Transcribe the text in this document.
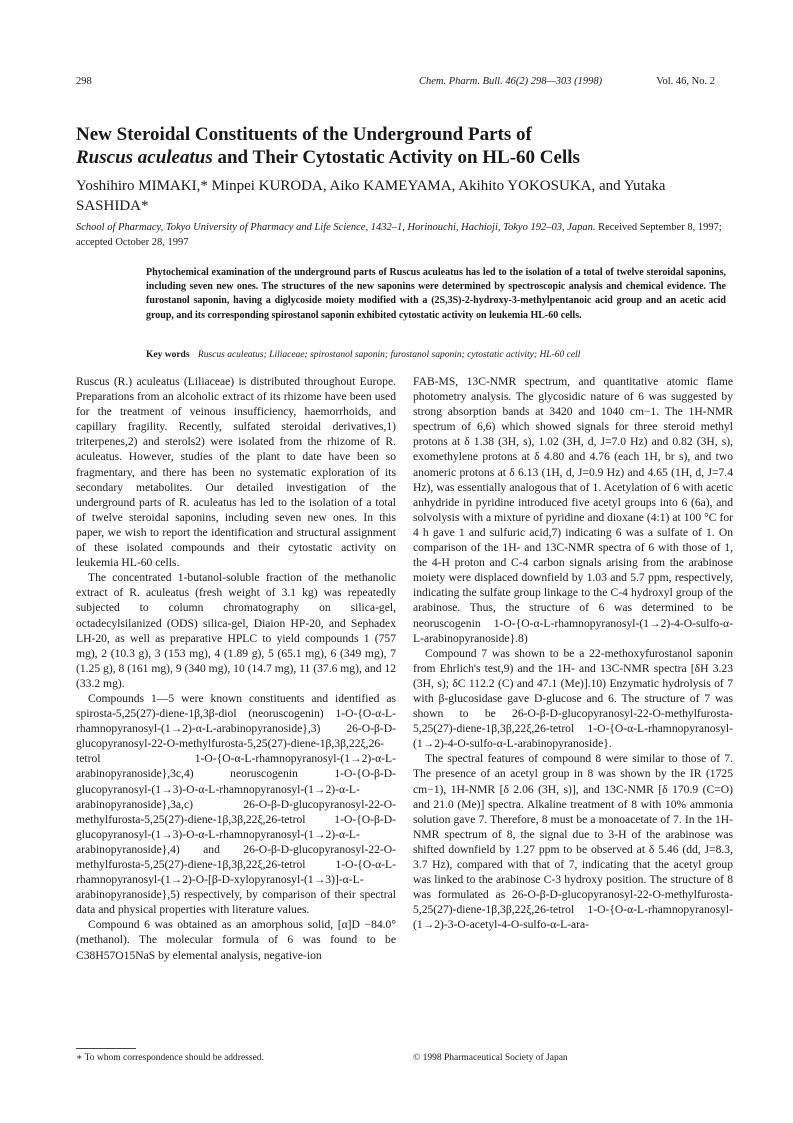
298	Chem. Pharm. Bull. 46(2) 298—303 (1998)	Vol. 46, No. 2
New Steroidal Constituents of the Underground Parts of
Ruscus aculeatus and Their Cytostatic Activity on HL-60 Cells

Yoshihiro MIMAKI,* Minpei KURODA, Aiko KAMEYAMA, Akihito YOKOSUKA, and Yutaka SASHIDA*

School of Pharmacy, Tokyo University of Pharmacy and Life Science, 1432–1, Horinouchi, Hachioji, Tokyo 192–03, Japan. Received September 8, 1997; accepted October 28, 1997

Phytochemical examination of the underground parts of Ruscus aculeatus has led to the isolation of a total of twelve steroidal saponins, including seven new ones. The structures of the new saponins were determined by spectroscopic analysis and chemical evidence. The furostanol saponin, having a diglycoside moiety modified with a (2S,3S)-2-hydroxy-3-methylpentanoic acid group and an acetic acid group, and its corresponding spirostanol saponin exhibited cytostatic activity on leukemia HL-60 cells.

Key words Ruscus aculeatus; Liliaceae; spirostanol saponin; furostanol saponin; cytostatic activity; HL-60 cell

Ruscus (R.) aculeatus (Liliaceae) is distributed throughout Europe. Preparations from an alcoholic extract of its rhizome have been used for the treatment of veinous insufficiency, haemorrhoids, and capillary fragility. Recently, sulfated steroidal derivatives,1) triterpenes,2) and sterols2) were isolated from the rhizome of R. aculeatus. However, studies of the plant to date have been so fragmentary, and there has been no systematic exploration of its secondary metabolites. Our detailed investigation of the underground parts of R. aculeatus has led to the isolation of a total of twelve steroidal saponins, including seven new ones. In this paper, we wish to report the identification and structural assignment of these isolated compounds and their cytostatic activity on leukemia HL-60 cells.

The concentrated 1-butanol-soluble fraction of the methanolic extract of R. aculeatus (fresh weight of 3.1 kg) was repeatedly subjected to column chromatography on silica-gel, octadecylsilanized (ODS) silica-gel, Diaion HP-20, and Sephadex LH-20, as well as preparative HPLC to yield compounds 1 (757 mg), 2 (10.3 g), 3 (153 mg), 4 (1.89 g), 5 (65.1 mg), 6 (349 mg), 7 (1.25 g), 8 (161 mg), 9 (340 mg), 10 (14.7 mg), 11 (37.6 mg), and 12 (33.2 mg).

Compounds 1—5 were known constituents and identified as spirosta-5,25(27)-diene-1β,3β-diol (neoruscogenin) 1-O-{O-α-L-rhamnopyranosyl-(1→2)-α-L-arabinopyranoside},3) 26-O-β-D-glucopyranosyl-22-O-methylfurosta-5,25(27)-diene-1β,3β,22ξ,26-tetrol 1-O-{O-α-L-rhamnopyranosyl-(1→2)-α-L-arabinopyranoside},3c,4) neoruscogenin 1-O-{O-β-D-glucopyranosyl-(1→3)-O-α-L-rhamnopyranosyl-(1→2)-α-L-arabinopyranoside},3a,c) 26-O-β-D-glucopyranosyl-22-O-methylfurosta-5,25(27)-diene-1β,3β,22ξ,26-tetrol 1-O-{O-β-D-glucopyranosyl-(1→3)-O-α-L-rhamnopyranosyl-(1→2)-α-L-arabinopyranoside},4) and 26-O-β-D-glucopyranosyl-22-O-methylfurosta-5,25(27)-diene-1β,3β,22ξ,26-tetrol 1-O-{O-α-L-rhamnopyranosyl-(1→2)-O-[β-D-xylopyranosyl-(1→3)]-α-L-arabinopyranoside},5) respectively, by comparison of their spectral data and physical properties with literature values.

Compound 6 was obtained as an amorphous solid, [α]D −84.0° (methanol). The molecular formula of 6 was found to be C38H57O15NaS by elemental analysis, negative-ion

FAB-MS, 13C-NMR spectrum, and quantitative atomic flame photometry analysis. The glycosidic nature of 6 was suggested by strong absorption bands at 3420 and 1040 cm−1. The 1H-NMR spectrum of 6,6) which showed signals for three steroid methyl protons at δ 1.38 (3H, s), 1.02 (3H, d, J=7.0 Hz) and 0.82 (3H, s), exomethylene protons at δ 4.80 and 4.76 (each 1H, br s), and two anomeric protons at δ 6.13 (1H, d, J=0.9 Hz) and 4.65 (1H, d, J=7.4 Hz), was essentially analogous that of 1. Acetylation of 6 with acetic anhydride in pyridine introduced five acetyl groups into 6 (6a), and solvolysis with a mixture of pyridine and dioxane (4:1) at 100 °C for 4 h gave 1 and sulfuric acid,7) indicating 6 was a sulfate of 1. On comparison of the 1H- and 13C-NMR spectra of 6 with those of 1, the 4-H proton and C-4 carbon signals arising from the arabinose moiety were displaced downfield by 1.03 and 5.7 ppm, respectively, indicating the sulfate group linkage to the C-4 hydroxyl group of the arabinose. Thus, the structure of 6 was determined to be neoruscogenin 1-O-{O-α-L-rhamnopyranosyl-(1→2)-4-O-sulfo-α-L-arabinopyranoside}.8)

Compound 7 was shown to be a 22-methoxyfurostanol saponin from Ehrlich's test,9) and the 1H- and 13C-NMR spectra [δH 3.23 (3H, s); δC 112.2 (C) and 47.1 (Me)].10) Enzymatic hydrolysis of 7 with β-glucosidase gave D-glucose and 6. The structure of 7 was shown to be 26-O-β-D-glucopyranosyl-22-O-methylfurosta-5,25(27)-diene-1β,3β,22ξ,26-tetrol 1-O-{O-α-L-rhamnopyranosyl-(1→2)-4-O-sulfo-α-L-arabinopyranoside}.

The spectral features of compound 8 were similar to those of 7. The presence of an acetyl group in 8 was shown by the IR (1725 cm−1), 1H-NMR [δ 2.06 (3H, s)], and 13C-NMR [δ 170.9 (C=O) and 21.0 (Me)] spectra. Alkaline treatment of 8 with 10% ammonia solution gave 7. Therefore, 8 must be a monoacetate of 7. In the 1H-NMR spectrum of 8, the signal due to 3-H of the arabinose was shifted downfield by 1.27 ppm to be observed at δ 5.46 (dd, J=8.3, 3.7 Hz), compared with that of 7, indicating that the acetyl group was linked to the arabinose C-3 hydroxy position. The structure of 8 was formulated as 26-O-β-D-glucopyranosyl-22-O-methylfurosta-5,25(27)-diene-1β,3β,22ξ,26-tetrol 1-O-{O-α-L-rhamnopyranosyl-(1→2)-3-O-acetyl-4-O-sulfo-α-L-ara-

∗ To whom correspondence should be addressed.	© 1998 Pharmaceutical Society of Japan
